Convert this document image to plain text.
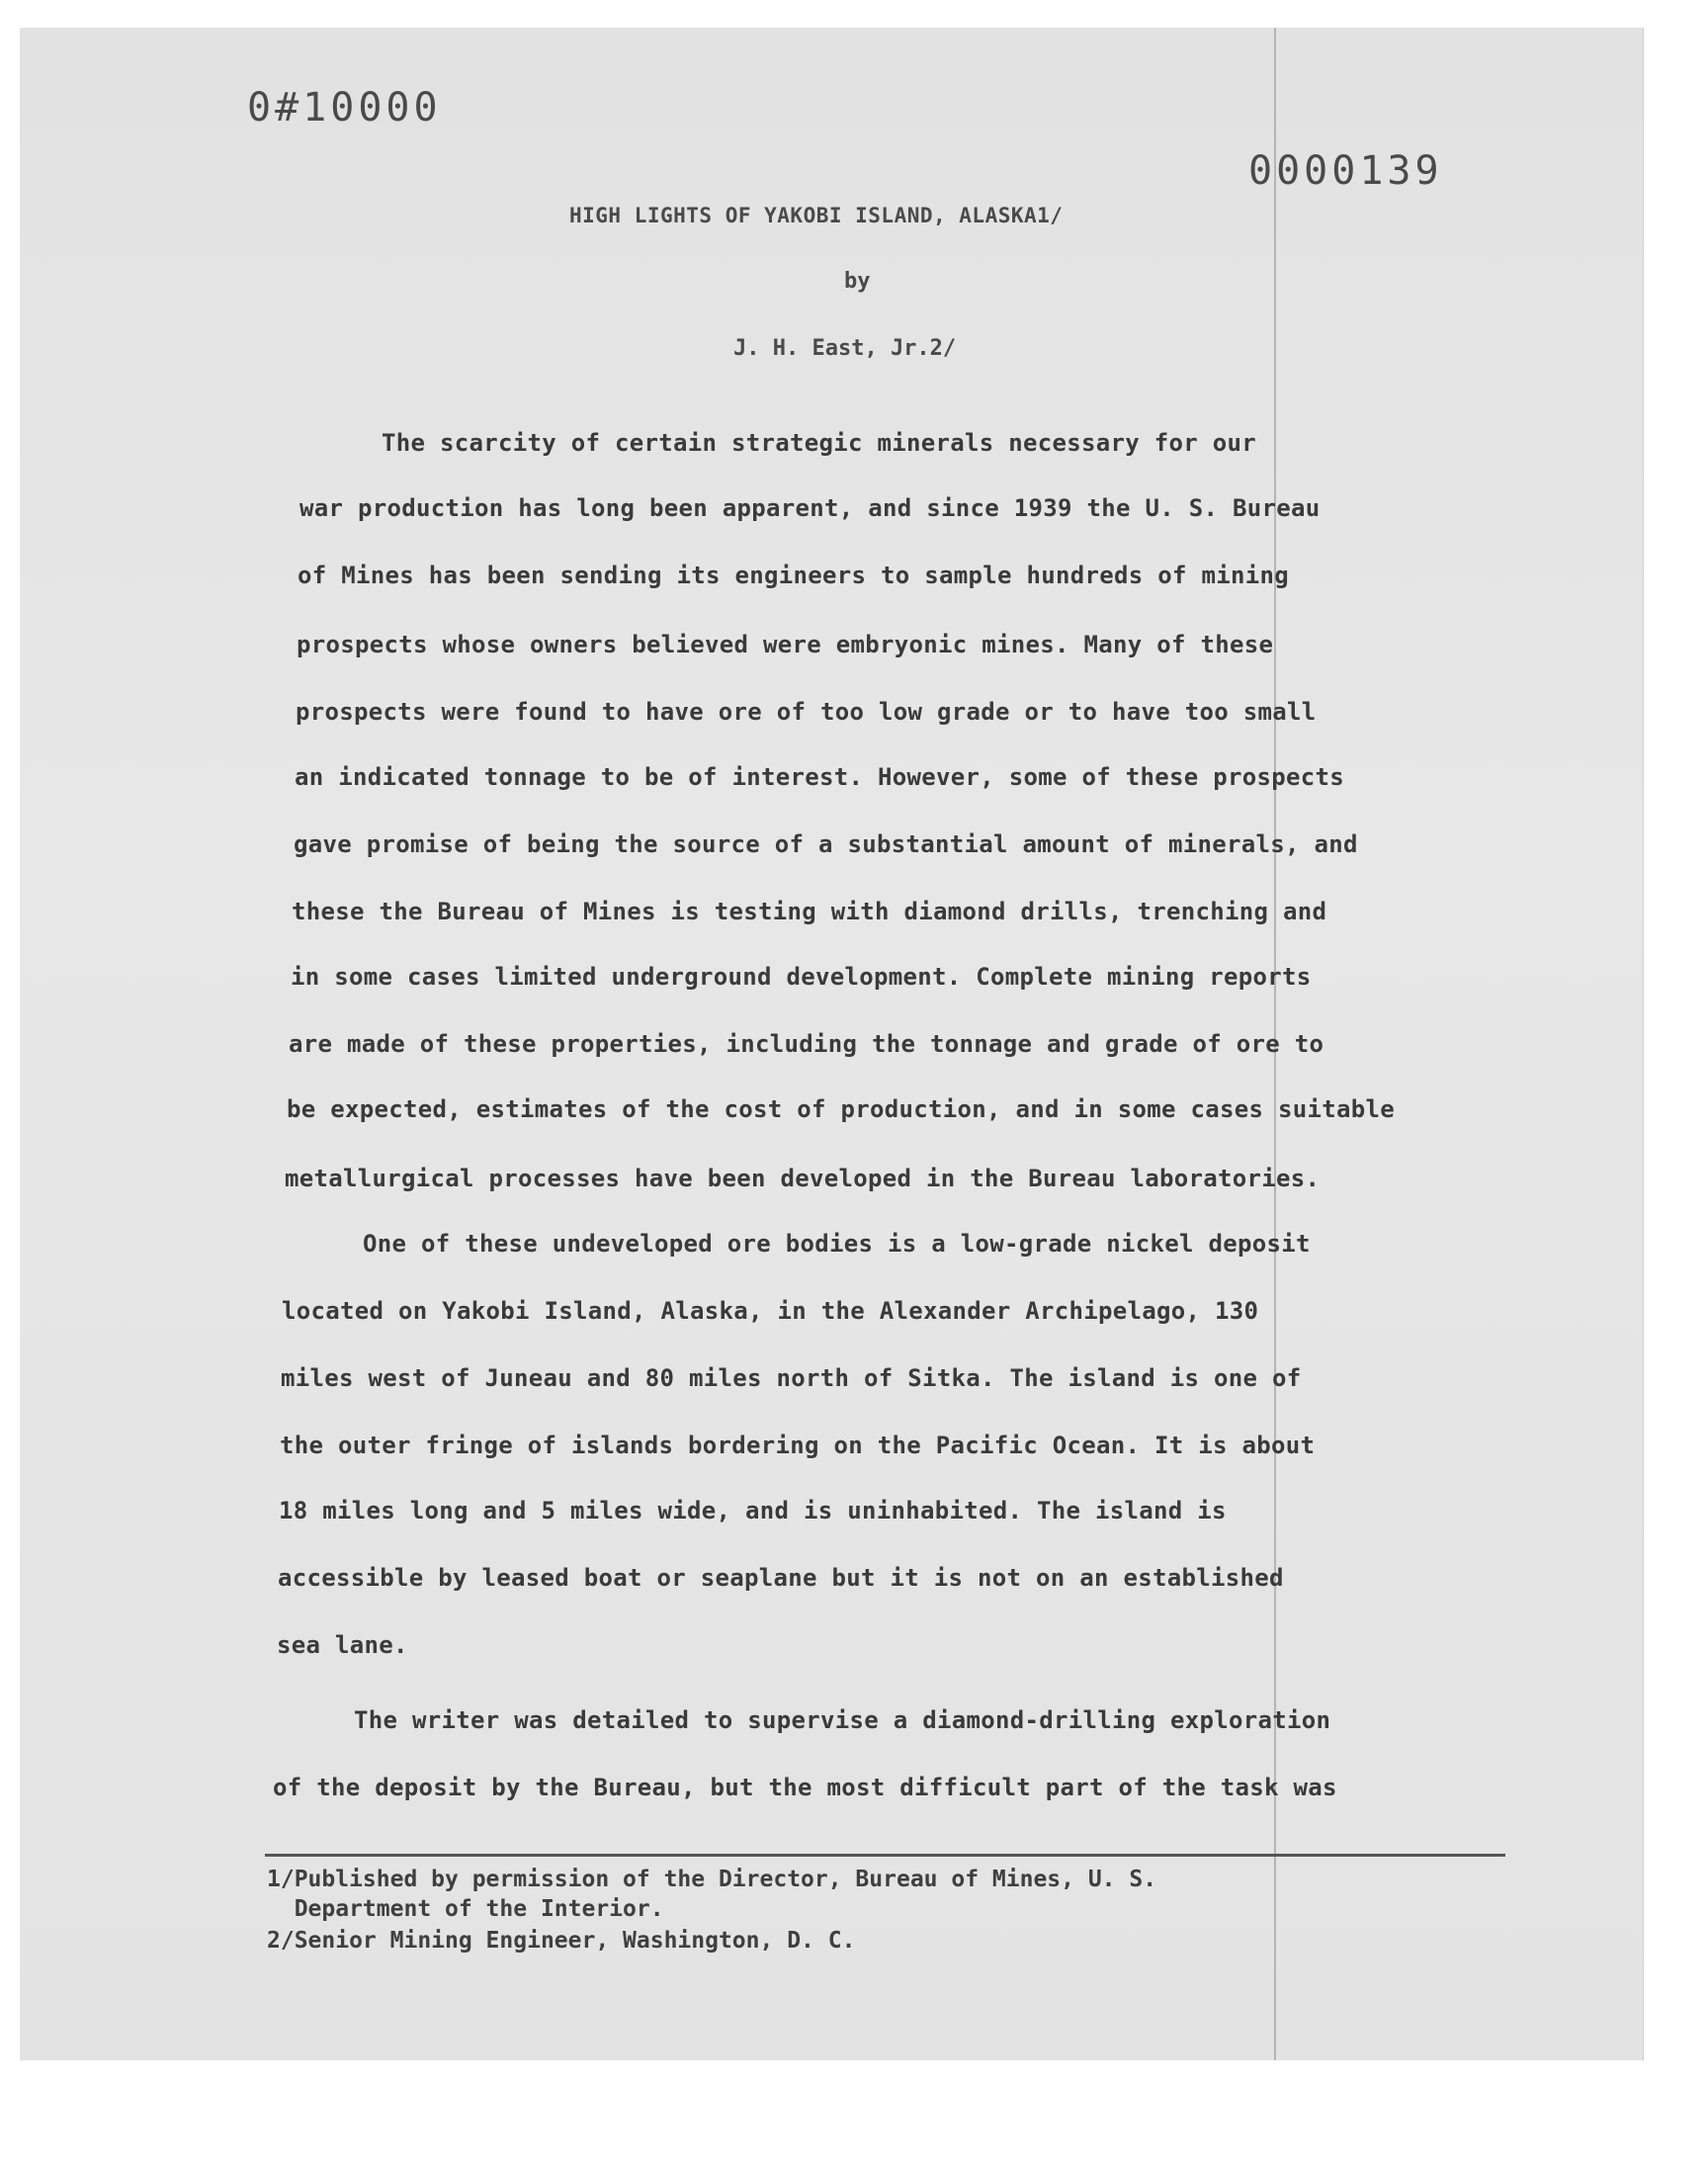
0#10000
0000139
HIGH LIGHTS OF YAKOBI ISLAND, ALASKA1/
by
J. H. East, Jr.2/
The scarcity of certain strategic minerals necessary for our
war production has long been apparent, and since 1939 the U. S. Bureau
of Mines has been sending its engineers to sample hundreds of mining
prospects whose owners believed were embryonic mines. Many of these
prospects were found to have ore of too low grade or to have too small
an indicated tonnage to be of interest. However, some of these prospects
gave promise of being the source of a substantial amount of minerals, and
these the Bureau of Mines is testing with diamond drills, trenching and
in some cases limited underground development. Complete mining reports
are made of these properties, including the tonnage and grade of ore to
be expected, estimates of the cost of production, and in some cases suitable
metallurgical processes have been developed in the Bureau laboratories.
One of these undeveloped ore bodies is a low-grade nickel deposit
located on Yakobi Island, Alaska, in the Alexander Archipelago, 130
miles west of Juneau and 80 miles north of Sitka. The island is one of
the outer fringe of islands bordering on the Pacific Ocean. It is about
18 miles long and 5 miles wide, and is uninhabited. The island is
accessible by leased boat or seaplane but it is not on an established
sea lane.
The writer was detailed to supervise a diamond-drilling exploration
of the deposit by the Bureau, but the most difficult part of the task was
1/Published by permission of the Director, Bureau of Mines, U. S.
Department of the Interior.
2/Senior Mining Engineer, Washington, D. C.
